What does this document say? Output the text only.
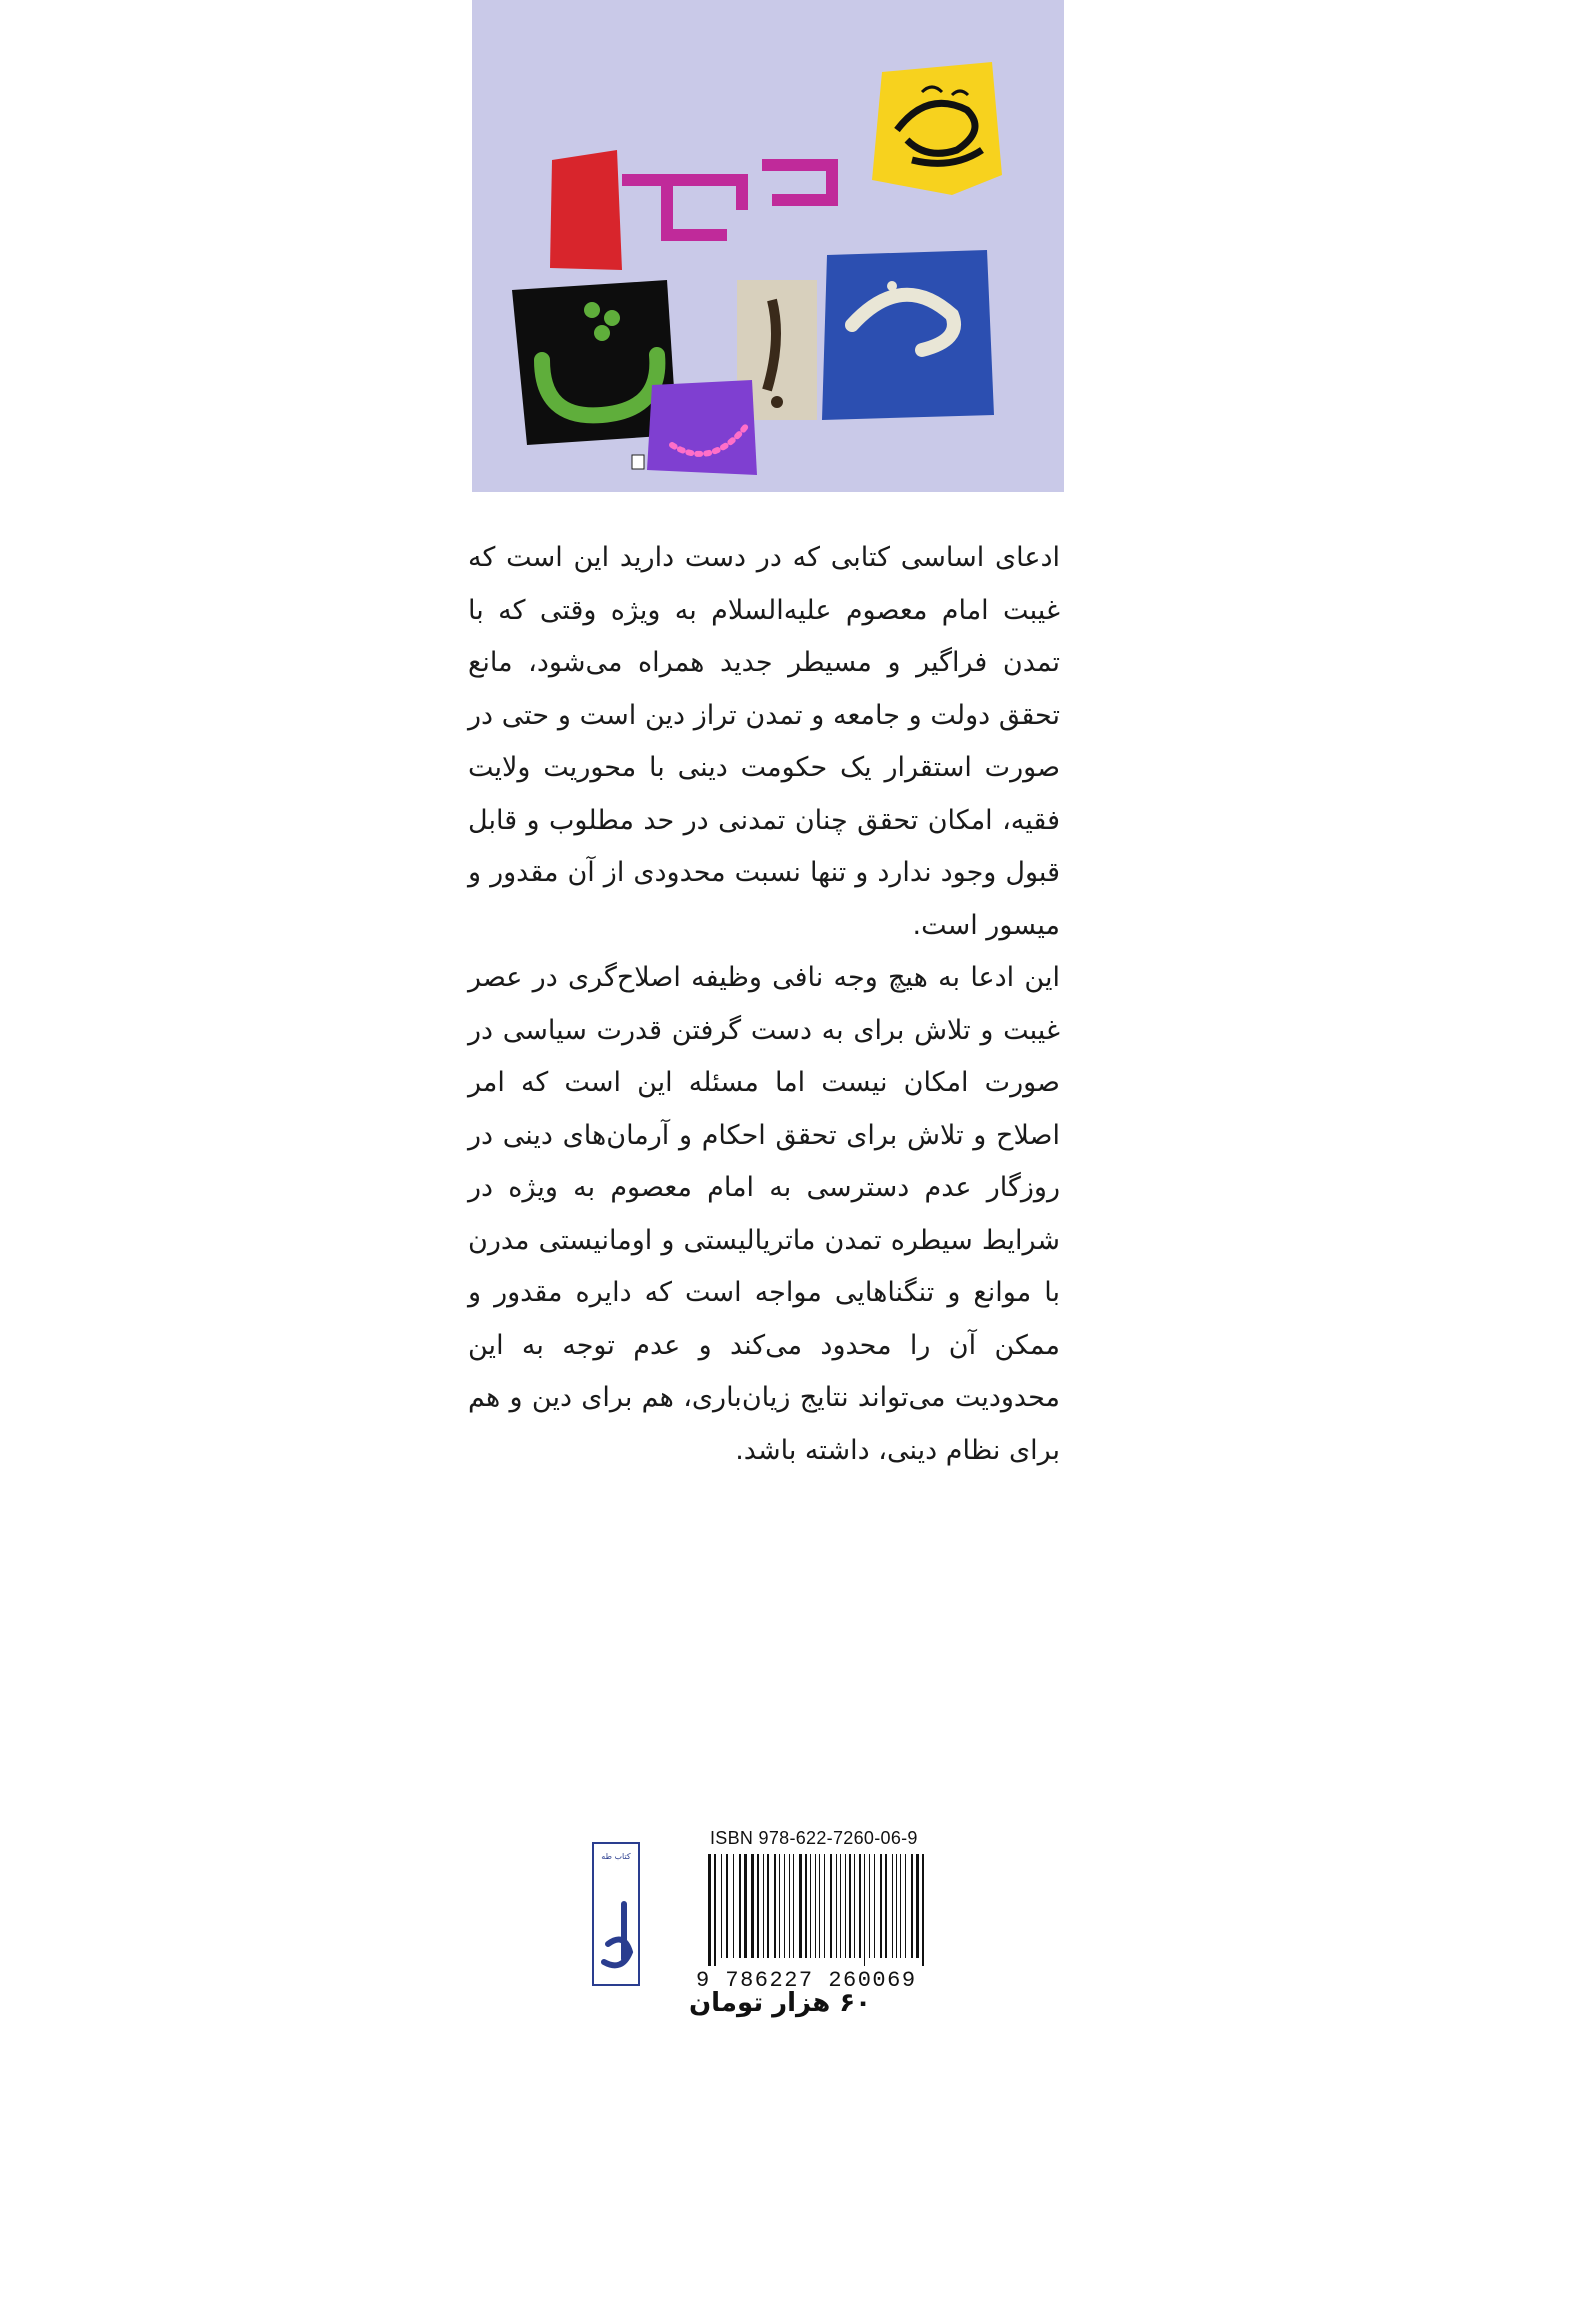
ادعای اساسی کتابی که در دست دارید این است که غیبت امام معصوم علیه‌السلام به ویژه وقتی که با تمدن فراگیر و مسیطر جدید همراه می‌شود، مانع تحقق دولت و جامعه و تمدن تراز دین است و حتی در صورت استقرار یک حکومت دینی با محوریت ولایت فقیه، امکان تحقق چنان تمدنی در حد مطلوب و قابل قبول وجود ندارد و تنها نسبت محدودی از آن مقدور و میسور است.

این ادعا به هیچ وجه نافی وظیفه اصلاح‌گری در عصر غیبت و تلاش برای به دست گرفتن قدرت سیاسی در صورت امکان نیست اما مسئله این است که امر اصلاح و تلاش برای تحقق احکام و آرمان‌های دینی در روزگار عدم دسترسی به امام معصوم به ویژه در شرایط سیطره تمدن ماتریالیستی و اومانیستی مدرن با موانع و تنگناهایی مواجه است که دایره مقدور و ممکن آن را محدود می‌کند و عدم توجه به این محدودیت می‌تواند نتایج زیان‌باری، هم برای دین و هم برای نظام دینی، داشته باشد.

کتاب طه
ISBN 978-622-7260-06-9
9 786227 260069
۶۰ هزار تومان
